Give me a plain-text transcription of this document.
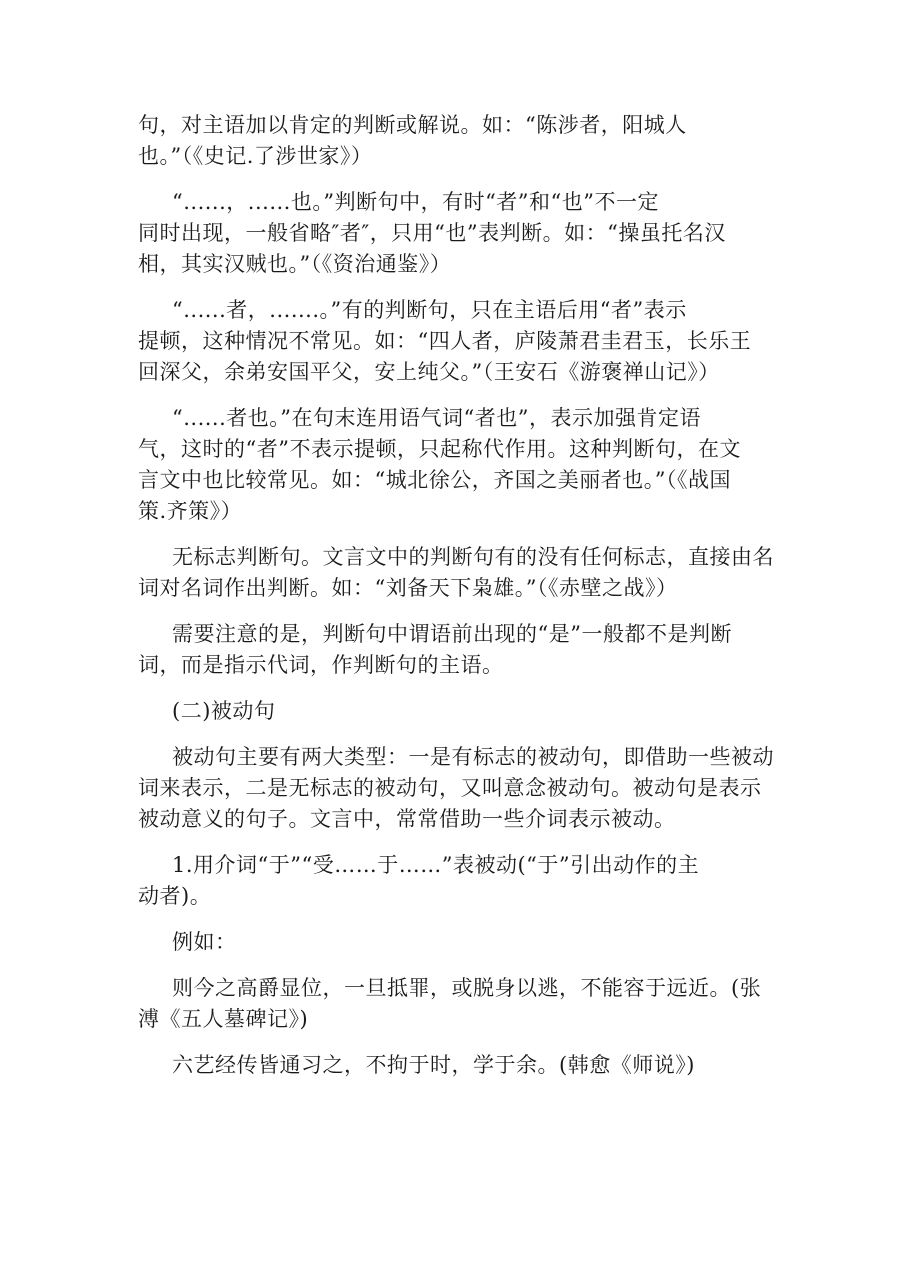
句，对主语加以肯定的判断或解说。如：“陈涉者，阳城人
也。”（《史记.了涉世家》）

“......，......也。”判断句中，有时“者”和“也”不一定
同时出现，一般省略″者″，只用“也”表判断。如：“操虽托名汉
相，其实汉贼也。”（《资治通鉴》）

“......者，.......。”有的判断句，只在主语后用“者”表示
提顿，这种情况不常见。如：“四人者，庐陵萧君圭君玉，长乐王
回深父，余弟安国平父，安上纯父。”（王安石《游褒禅山记》）

“......者也。”在句末连用语气词“者也”，表示加强肯定语
气，这时的“者”不表示提顿，只起称代作用。这种判断句，在文
言文中也比较常见。如：“城北徐公，齐国之美丽者也。”（《战国
策.齐策》）

无标志判断句。文言文中的判断句有的没有任何标志，直接由名
词对名词作出判断。如：“刘备天下枭雄。”（《赤壁之战》）

需要注意的是，判断句中谓语前出现的“是”一般都不是判断
词，而是指示代词，作判断句的主语。

(二)被动句

被动句主要有两大类型：一是有标志的被动句，即借助一些被动
词来表示，二是无标志的被动句，又叫意念被动句。被动句是表示
被动意义的句子。文言中，常常借助一些介词表示被动。

1.用介词“于”“受……于……”表被动(“于”引出动作的主
动者)。

例如：

则今之高爵显位，一旦抵罪，或脱身以逃，不能容于远近。(张
溥《五人墓碑记》)

六艺经传皆通习之，不拘于时，学于余。(韩愈《师说》)
